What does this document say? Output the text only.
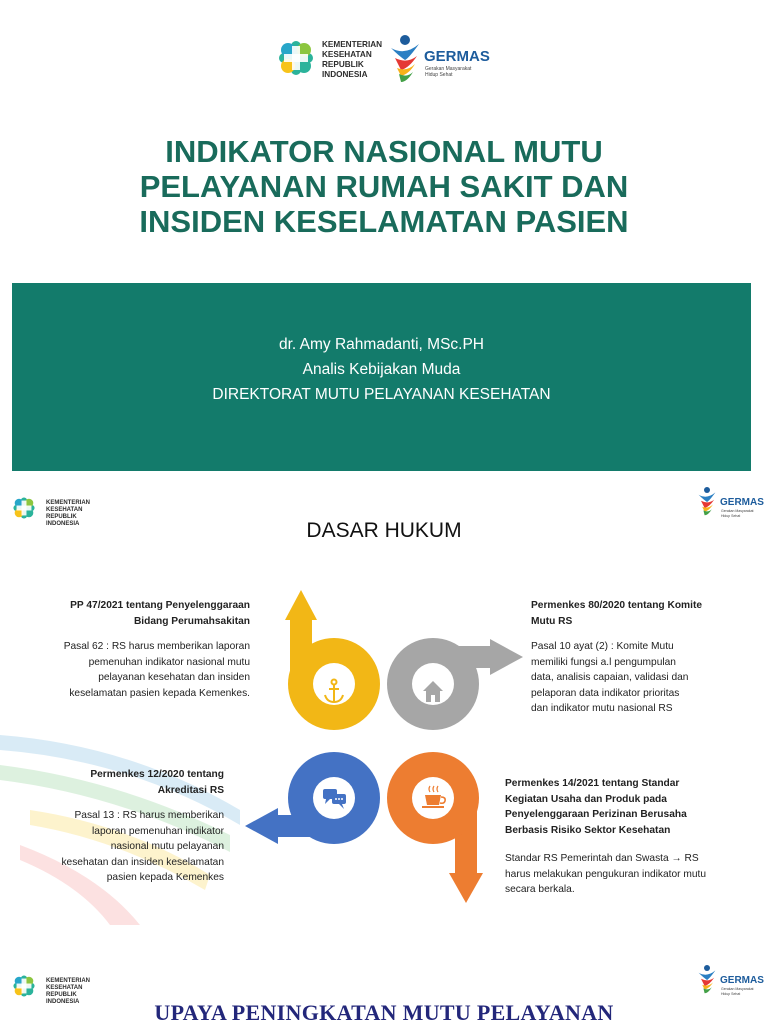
KEMENTERIAN
KESEHATAN
REPUBLIK
INDONESIA
GERMAS
Gerakan Masyarakat
Hidup Sehat
INDIKATOR NASIONAL MUTU
PELAYANAN RUMAH SAKIT DAN
INSIDEN KESELAMATAN PASIEN
dr. Amy Rahmadanti, MSc.PH
Analis Kebijakan Muda
DIREKTORAT MUTU PELAYANAN KESEHATAN
KEMENTERIAN
KESEHATAN
REPUBLIK
INDONESIA
GERMAS
Gerakan Masyarakat
Hidup Sehat
DASAR HUKUM
PP 47/2021 tentang Penyelenggaraan
Bidang Perumahsakitan
Pasal 62 : RS harus memberikan laporan
pemenuhan indikator nasional mutu
pelayanan kesehatan dan insiden
keselamatan pasien kepada Kemenkes.
Permenkes 80/2020 tentang Komite
Mutu RS
Pasal 10 ayat (2) : Komite Mutu
memiliki fungsi a.l pengumpulan
data, analisis capaian, validasi dan
pelaporan data indikator prioritas
dan indikator mutu nasional RS
Permenkes 12/2020 tentang
Akreditasi RS
Pasal 13 : RS harus memberikan
laporan pemenuhan indikator
nasional mutu pelayanan
kesehatan dan insiden keselamatan
pasien kepada Kemenkes
Permenkes 14/2021 tentang Standar
Kegiatan Usaha dan Produk pada
Penyelenggaraan Perizinan Berusaha
Berbasis Risiko Sektor Kesehatan
Standar RS Pemerintah dan Swasta → RS
harus melakukan pengukuran indikator mutu
secara berkala.
KEMENTERIAN
KESEHATAN
REPUBLIK
INDONESIA
GERMAS
Gerakan Masyarakat
Hidup Sehat
UPAYA PENINGKATAN MUTU PELAYANAN
